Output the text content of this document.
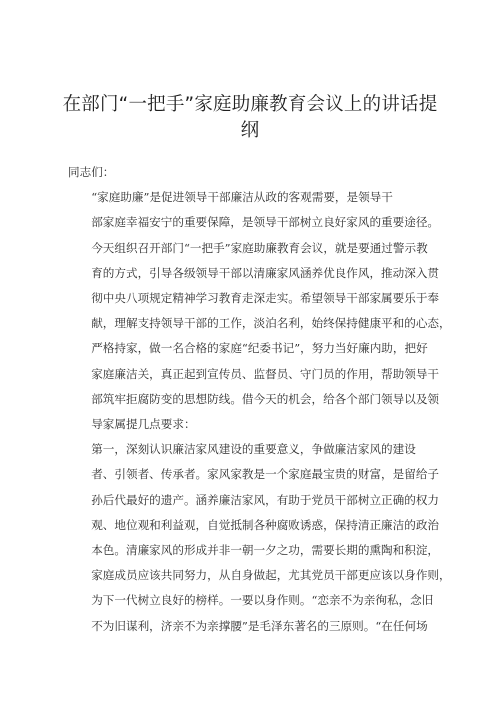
在部门“一把手”家庭助廉教育会议上的讲话提纲

同志们：

“家庭助廉”是促进领导干部廉洁从政的客观需要，是领导干
部家庭幸福安宁的重要保障，是领导干部树立良好家风的重要途径。
今天组织召开部门“一把手”家庭助廉教育会议，就是要通过警示教
育的方式，引导各级领导干部以清廉家风涵养优良作风，推动深入贯
彻中央八项规定精神学习教育走深走实。希望领导干部家属要乐于奉
献，理解支持领导干部的工作，淡泊名利，始终保持健康平和的心态，
严格持家，做一名合格的家庭“纪委书记”，努力当好廉内助，把好
家庭廉洁关，真正起到宣传员、监督员、守门员的作用，帮助领导干
部筑牢拒腐防变的思想防线。借今天的机会，给各个部门领导以及领
导家属提几点要求：

第一，深刻认识廉洁家风建设的重要意义，争做廉洁家风的建设
者、引领者、传承者。家风家教是一个家庭最宝贵的财富，是留给子
孙后代最好的遗产。涵养廉洁家风，有助于党员干部树立正确的权力
观、地位观和利益观，自觉抵制各种腐败诱惑，保持清正廉洁的政治
本色。清廉家风的形成并非一朝一夕之功，需要长期的熏陶和积淀，
家庭成员应该共同努力，从自身做起，尤其党员干部更应该以身作则，
为下一代树立良好的榜样。一要以身作则。“恋亲不为亲徇私，念旧
不为旧谋利，济亲不为亲撑腰”是毛泽东著名的三原则。“在任何场
